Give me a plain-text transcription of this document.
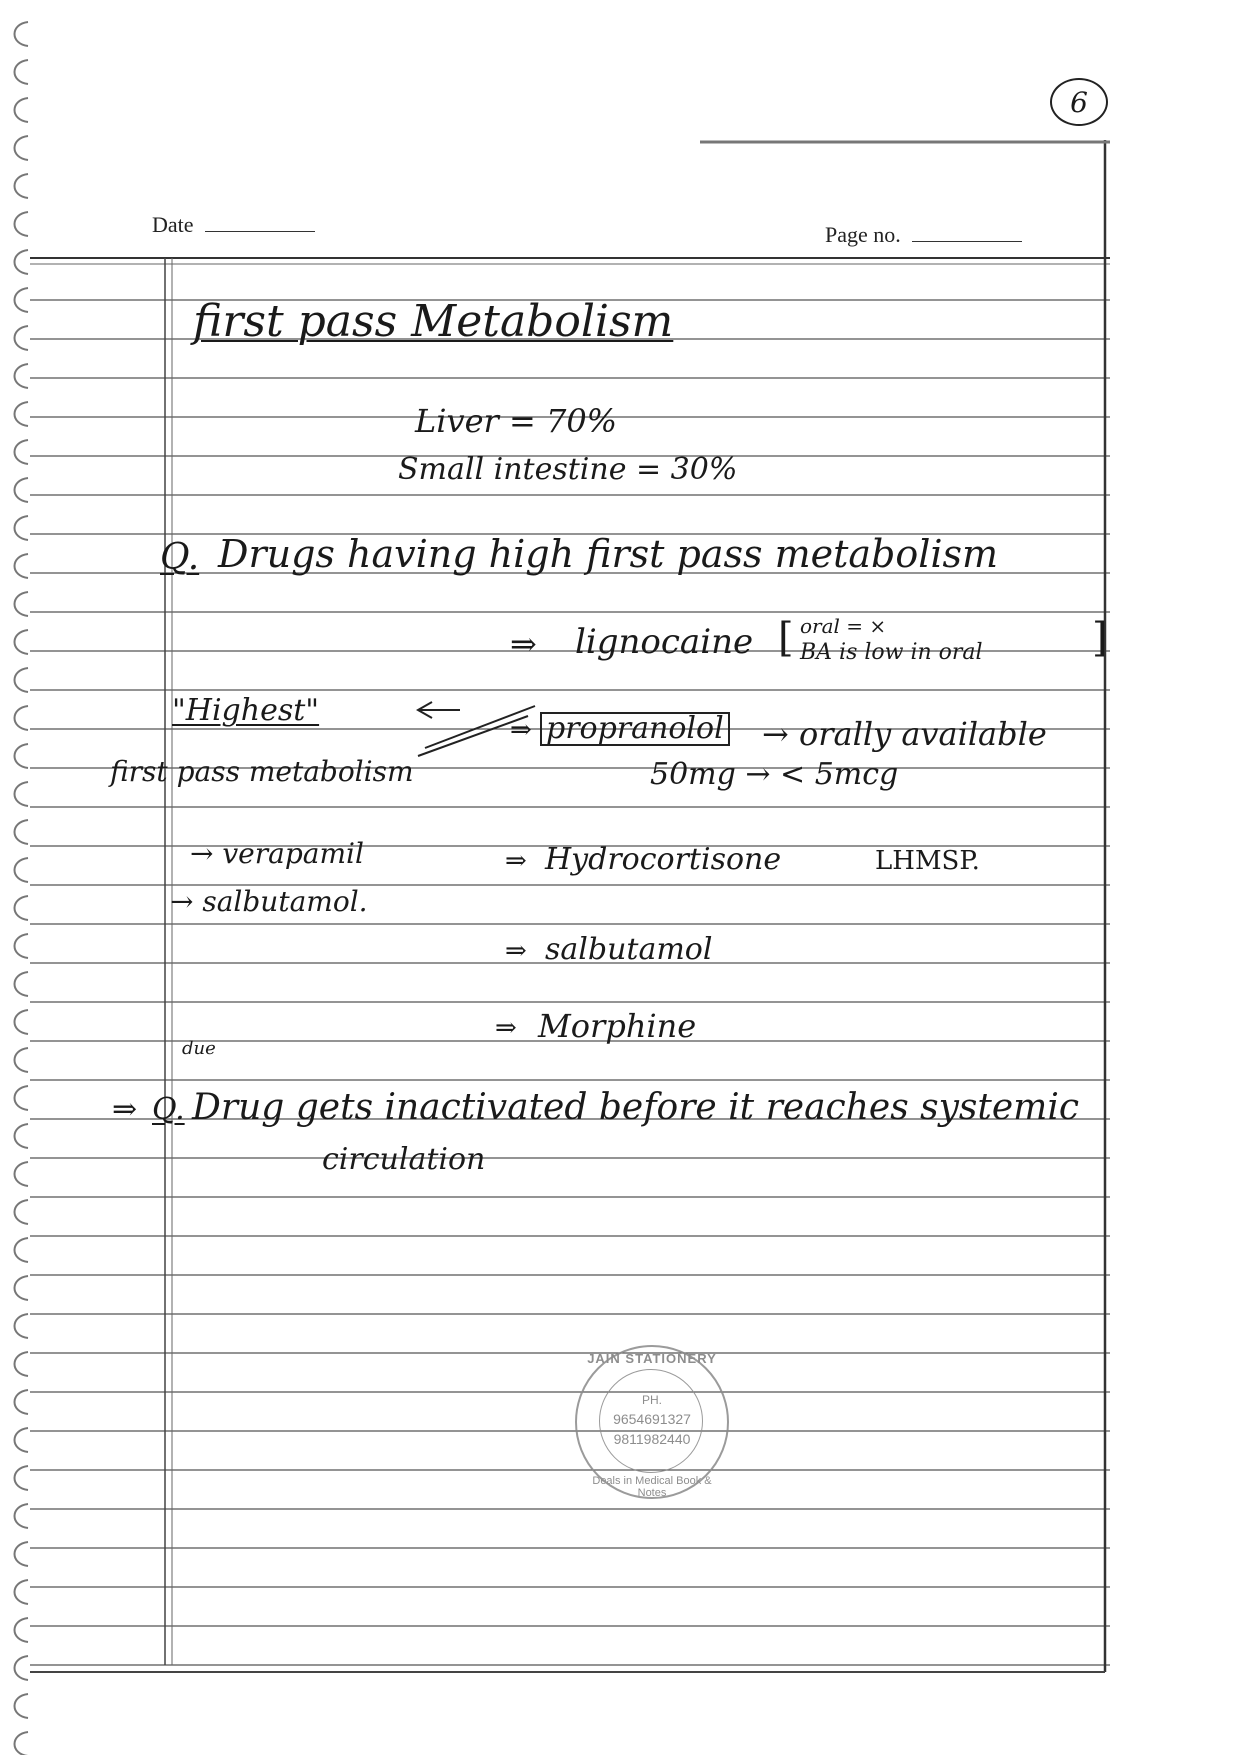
6
Date	Page no.
first pass Metabolism
Liver = 70%
Small intestine = 30%
Q. Drugs having high first pass metabolism
⇒ lignocaine [ oral = ×
BA is low in oral	]
"Highest"
first pass metabolism
⇒ propranolol → orally available
50mg → < 5mcg
→ verapamil
→ salbutamol.
⇒ Hydrocortisone	LHMSP.
⇒ salbutamol
⇒ Morphine
due
⇒ Q. Drug gets inactivated before it reaches systemic
circulation
JAIN STATIONERY
PH.
9654691327
9811982440
Deals in Medical Book & Notes
